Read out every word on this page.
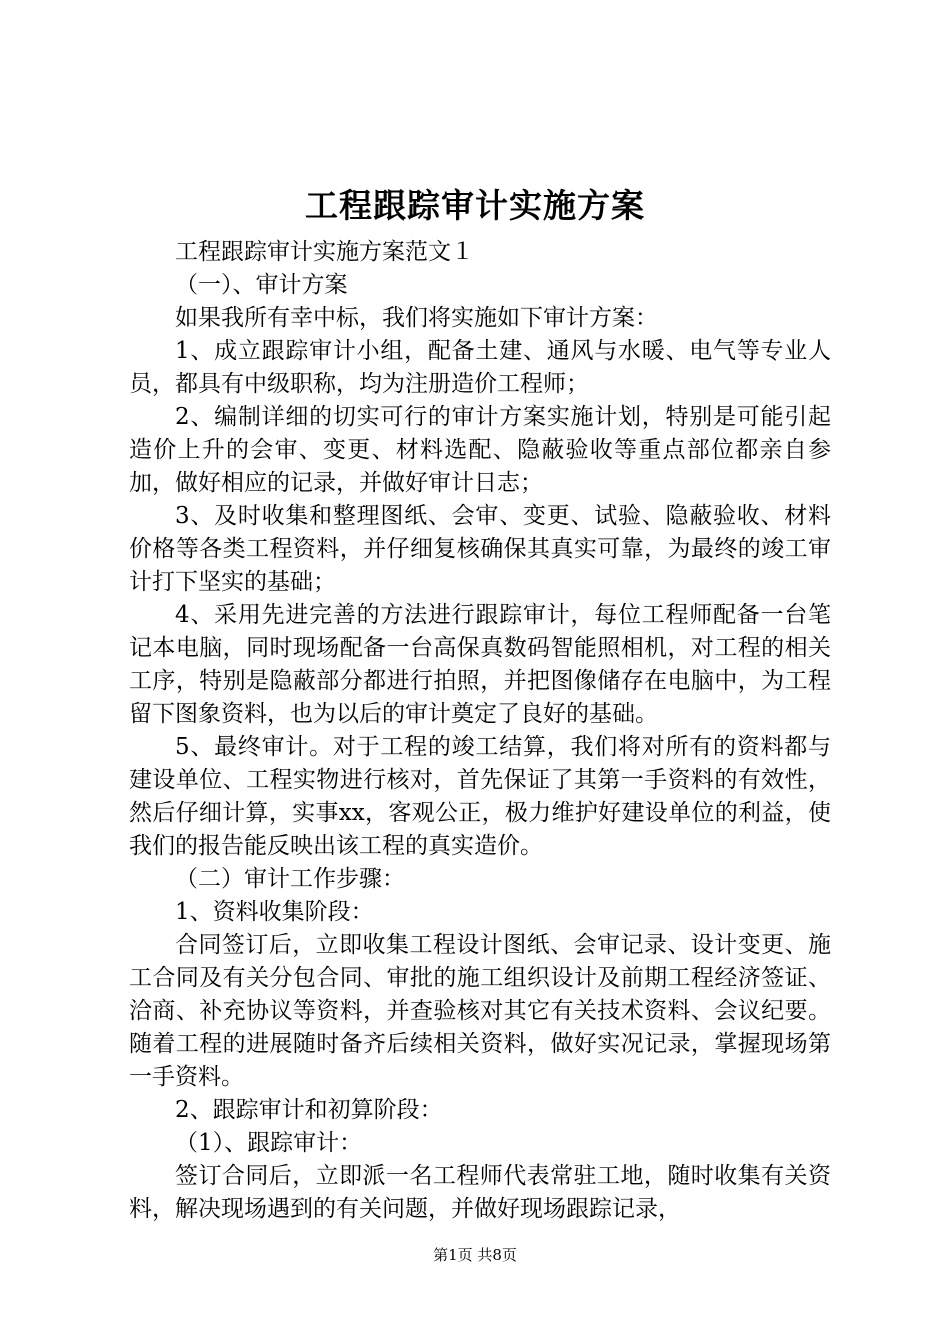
工程跟踪审计实施方案

工程跟踪审计实施方案范文１

（一）、审计方案

如果我所有幸中标，我们将实施如下审计方案：

1、成立跟踪审计小组，配备土建、通风与水暖、电气等专业人员，都具有中级职称，均为注册造价工程师；

2、编制详细的切实可行的审计方案实施计划，特别是可能引起造价上升的会审、变更、材料选配、隐蔽验收等重点部位都亲自参加，做好相应的记录，并做好审计日志；

3、及时收集和整理图纸、会审、变更、试验、隐蔽验收、材料价格等各类工程资料，并仔细复核确保其真实可靠，为最终的竣工审计打下坚实的基础；

4、采用先进完善的方法进行跟踪审计，每位工程师配备一台笔记本电脑，同时现场配备一台高保真数码智能照相机，对工程的相关工序，特别是隐蔽部分都进行拍照，并把图像储存在电脑中，为工程留下图象资料，也为以后的审计奠定了良好的基础。

5、最终审计。对于工程的竣工结算，我们将对所有的资料都与建设单位、工程实物进行核对，首先保证了其第一手资料的有效性，然后仔细计算，实事xx，客观公正，极力维护好建设单位的利益，使我们的报告能反映出该工程的真实造价。

（二）审计工作步骤：

1、资料收集阶段：

合同签订后，立即收集工程设计图纸、会审记录、设计变更、施工合同及有关分包合同、审批的施工组织设计及前期工程经济签证、洽商、补充协议等资料，并查验核对其它有关技术资料、会议纪要。随着工程的进展随时备齐后续相关资料，做好实况记录，掌握现场第一手资料。

2、跟踪审计和初算阶段：

（1）、跟踪审计：

签订合同后，立即派一名工程师代表常驻工地，随时收集有关资料，解决现场遇到的有关问题，并做好现场跟踪记录，

第1页 共8页
